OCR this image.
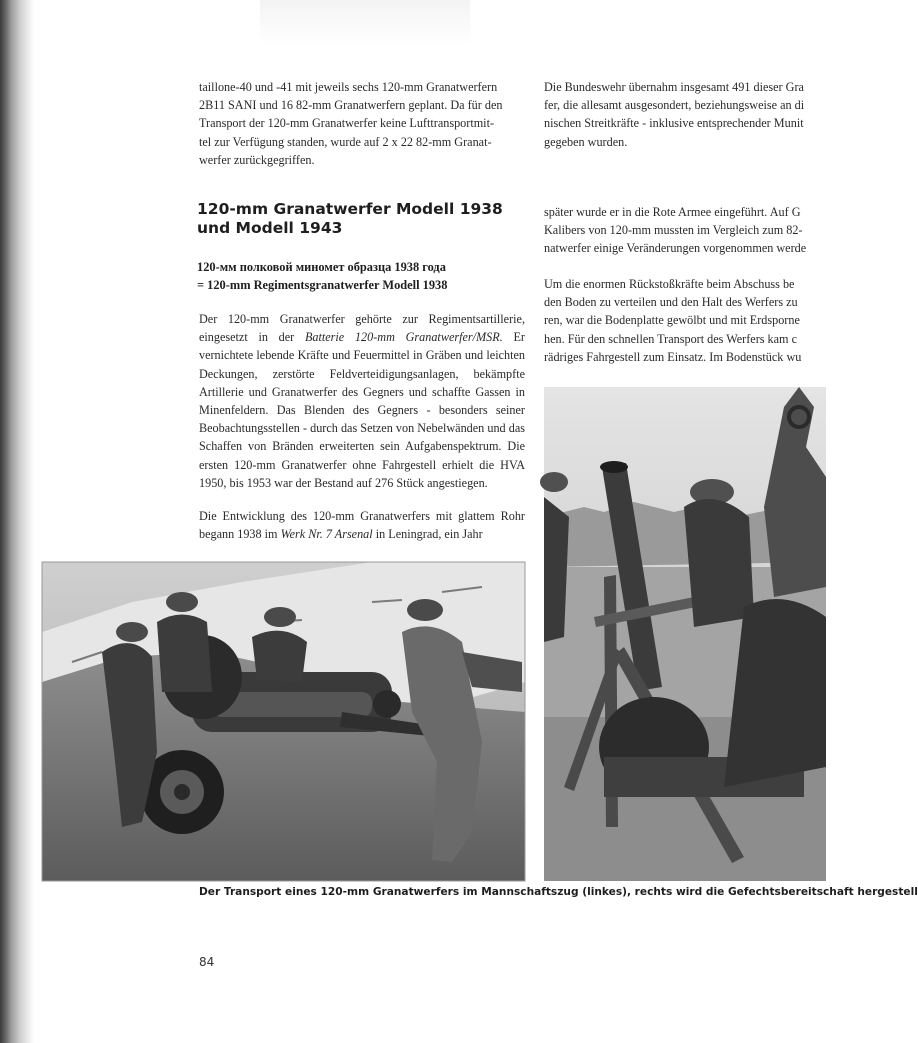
taillone-40 und -41 mit jeweils sechs 120-mm Granatwerfern
2B11 SANI und 16 82-mm Granatwerfern geplant. Da für den
Transport der 120-mm Granatwerfer keine Lufttransportmit-
tel zur Verfügung standen, wurde auf 2 x 22 82-mm Granat-
werfer zurückgegriffen.
Die Bundeswehr übernahm insgesamt 491 dieser Gra
fer, die allesamt ausgesondert, beziehungsweise an di
nischen Streitkräfte - inklusive entsprechender Munit
gegeben wurden.
120-mm Granatwerfer Modell 1938 und Modell 1943
120-мм полковой миномет образца 1938 года
= 120-mm Regimentsgranatwerfer Modell 1938

Der 120-mm Granatwerfer gehörte zur Regimentsartillerie, eingesetzt in der Batterie 120-mm Granatwerfer/MSR. Er vernichtete lebende Kräfte und Feuermittel in Gräben und leichten Deckungen, zerstörte Feldverteidigungsanlagen, bekämpfte Artillerie und Granatwerfer des Gegners und schaffte Gassen in Minenfeldern. Das Blenden des Gegners - besonders seiner Beobachtungsstellen - durch das Setzen von Nebelwänden und das Schaffen von Bränden erweiterten sein Aufgabenspektrum. Die ersten 120-mm Granatwerfer ohne Fahrgestell erhielt die HVA 1950, bis 1953 war der Bestand auf 276 Stück angestiegen.

Die Entwicklung des 120-mm Granatwerfers mit glattem Rohr begann 1938 im Werk Nr. 7 Arsenal in Leningrad, ein Jahr

später wurde er in die Rote Armee eingeführt. Auf G
Kalibers von 120-mm mussten im Vergleich zum 82-
natwerfer einige Veränderungen vorgenommen werde
Um die enormen Rückstoßkräfte beim Abschuss be
den Boden zu verteilen und den Halt des Werfers zu
ren, war die Bodenplatte gewölbt und mit Erdsporne
hen. Für den schnellen Transport des Werfers kam c
rädriges Fahrgestell zum Einsatz. Im Bodenstück wu
Der Transport eines 120-mm Granatwerfers im Mannschaftszug (linkes), rechts wird die Gefechtsbereitschaft hergestell
84
